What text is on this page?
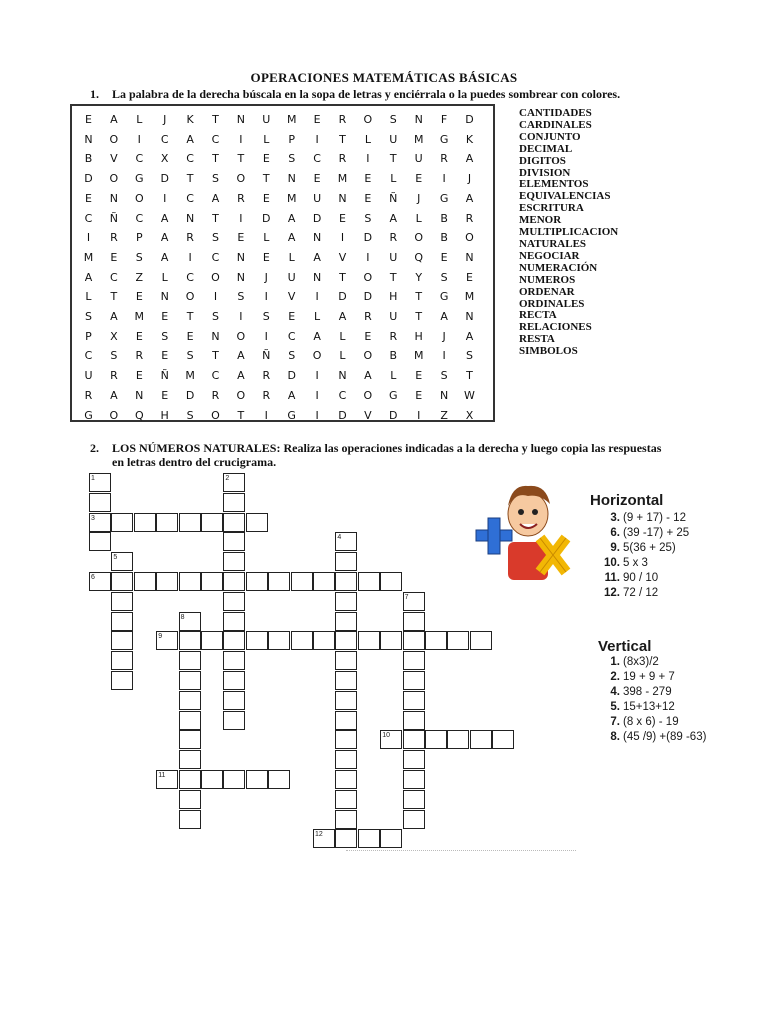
OPERACIONES MATEMÁTICAS BÁSICAS
1. La palabra de la derecha búscala en la sopa de letras y enciérrala o la puedes sombrear con colores.
E	A	L	J	K	T	N	U	M	E	R	O	S	N	F	D
N	O	I	C	A	C	I	L	P	I	T	L	U	M	G	K
B	V	C	X	C	T	T	E	S	C	R	I	T	U	R	A
D	O	G	D	T	S	O	T	N	E	M	E	L	E	I	J
E	N	O	I	C	A	R	E	M	U	N	E	Ñ	J	G	A
C	Ñ	C	A	N	T	I	D	A	D	E	S	A	L	B	R
I	R	P	A	R	S	E	L	A	N	I	D	R	O	B	O
M	E	S	A	I	C	N	E	L	A	V	I	U	Q	E	N
A	C	Z	L	C	O	N	J	U	N	T	O	T	Y	S	E
L	T	E	N	O	I	S	I	V	I	D	D	H	T	G	M
S	A	M	E	T	S	I	S	E	L	A	R	U	T	A	N
P	X	E	S	E	N	O	I	C	A	L	E	R	H	J	A
C	S	R	E	S	T	A	Ñ	S	O	L	O	B	M	I	S
U	R	E	Ñ	M	C	A	R	D	I	N	A	L	E	S	T
R	A	N	E	D	R	O	R	A	I	C	O	G	E	N	W
G	O	Q	H	S	O	T	I	G	I	D	V	D	I	Z	X
CANTIDADES
CARDINALES
CONJUNTO
DECIMAL
DIGITOS
DIVISION
ELEMENTOS
EQUIVALENCIAS
ESCRITURA
MENOR
MULTIPLICACION
NATURALES
NEGOCIAR
NUMERACIÓN
NUMEROS
ORDENAR
ORDINALES
RECTA
RELACIONES
RESTA
SIMBOLOS
2. LOS NÚMEROS NATURALES: Realiza las operaciones indicadas a la derecha y luego copia las respuestas
en letras dentro del crucigrama.
1	2
3
4
5
6
7
8
9
10
11
12
Horizontal
3. (9 + 17) - 12
6. (39 -17) + 25
9. 5(36 + 25)
10. 5 x 3
11. 90 / 10
12. 72 / 12
Vertical
1. (8x3)/2
2. 19 + 9 + 7
4. 398 - 279
5. 15+13+12
7. (8 x 6) - 19
8. (45 /9) +(89 -63)
